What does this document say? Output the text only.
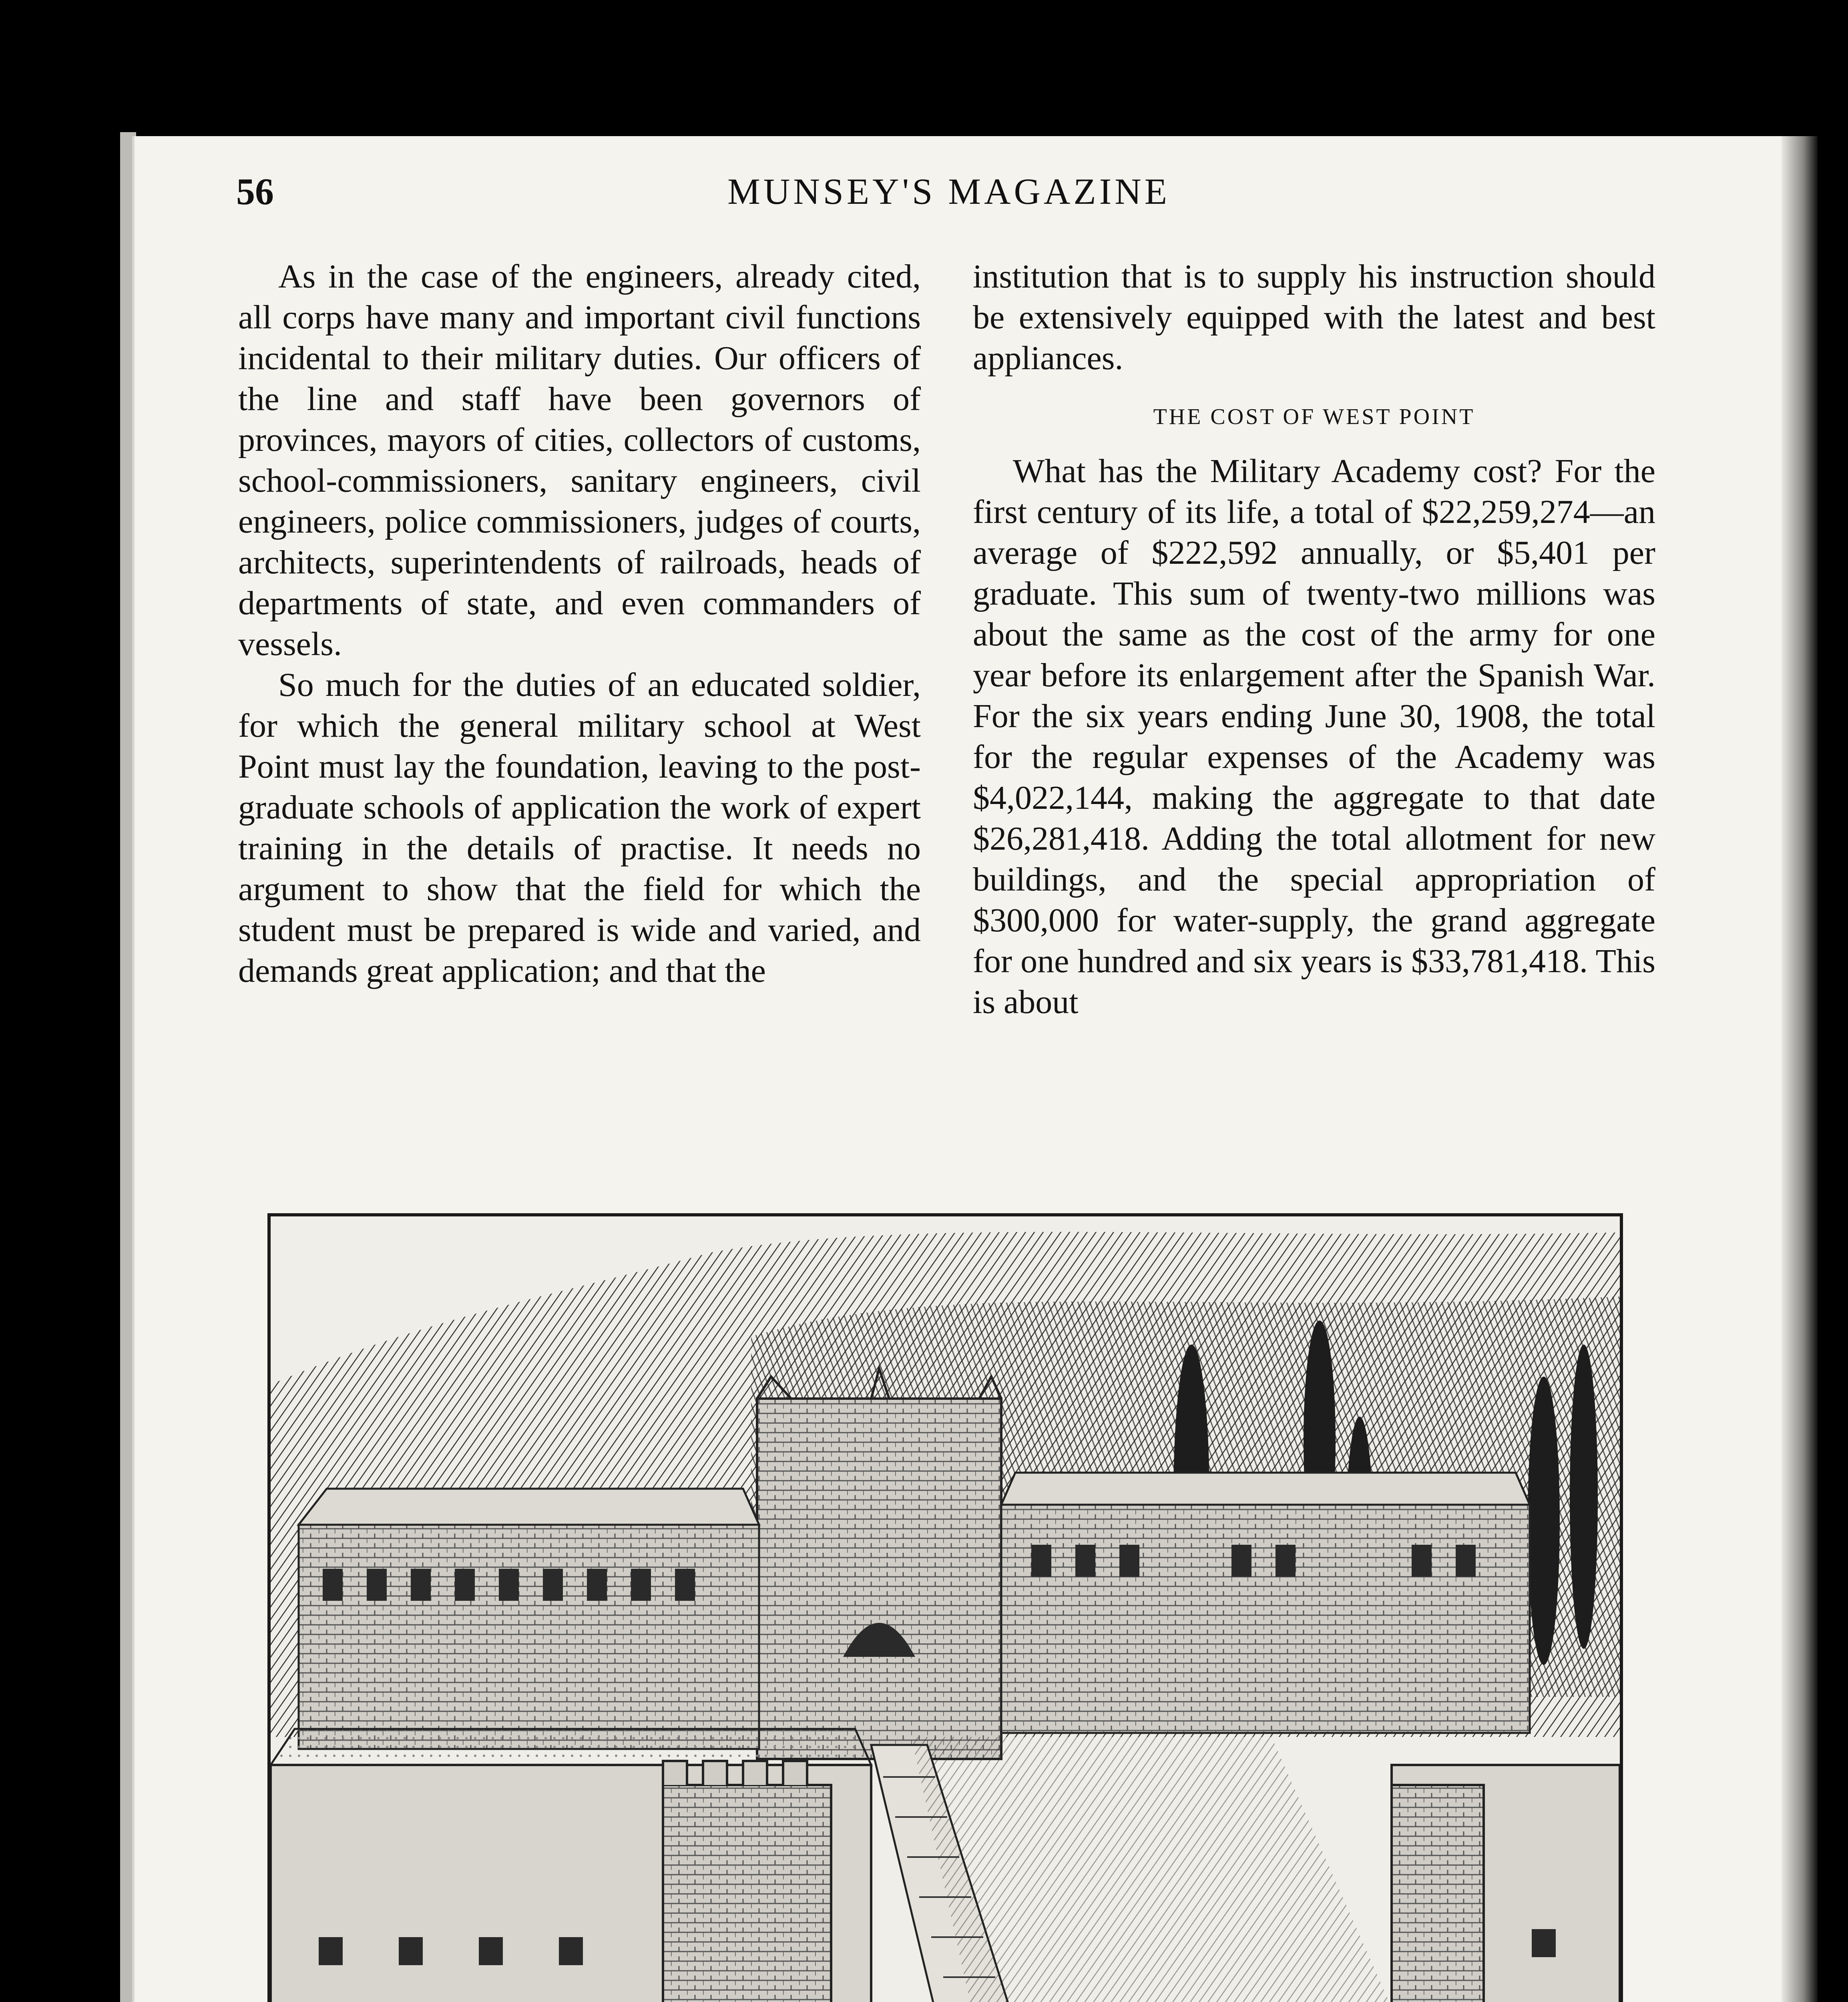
56	MUNSEY'S MAGAZINE

As in the case of the engineers, already cited, all corps have many and important civil functions incidental to their military duties. Our officers of the line and staff have been governors of provinces, mayors of cities, collectors of customs, school-commissioners, sanitary engineers, civil engineers, police commissioners, judges of courts, architects, superintendents of railroads, heads of departments of state, and even commanders of vessels.

So much for the duties of an educated soldier, for which the general military school at West Point must lay the foundation, leaving to the post-graduate schools of application the work of expert training in the details of practise. It needs no argument to show that the field for which the student must be prepared is wide and varied, and demands great application; and that the

institution that is to supply his instruction should be extensively equipped with the latest and best appliances.

THE COST OF WEST POINT

What has the Military Academy cost? For the first century of its life, a total of $22,259,274—an average of $222,592 annually, or $5,401 per graduate. This sum of twenty-two millions was about the same as the cost of the army for one year before its enlargement after the Spanish War. For the six years ending June 30, 1908, the total for the regular expenses of the Academy was $4,022,144, making the aggregate to that date $26,281,418. Adding the total allotment for new buildings, and the special appropriation of $300,000 for water-supply, the grand aggregate for one hundred and six years is $33,781,418. This is about
